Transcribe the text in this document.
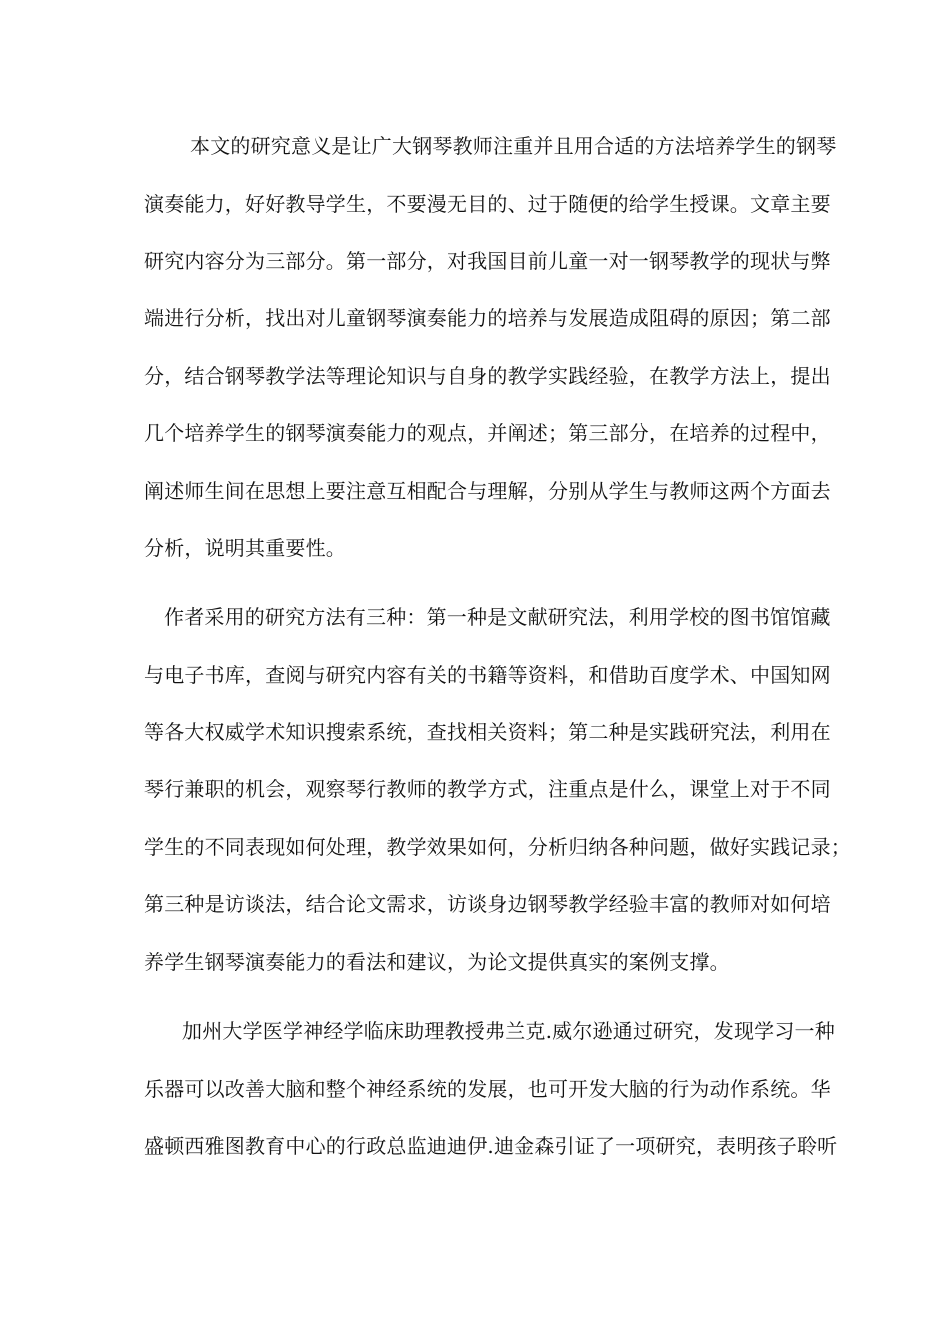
本文的研究意义是让广大钢琴教师注重并且用合适的方法培养学生的钢琴
演奏能力，好好教导学生，不要漫无目的、过于随便的给学生授课。文章主要
研究内容分为三部分。第一部分，对我国目前儿童一对一钢琴教学的现状与弊
端进行分析，找出对儿童钢琴演奏能力的培养与发展造成阻碍的原因；第二部
分，结合钢琴教学法等理论知识与自身的教学实践经验，在教学方法上，提出
几个培养学生的钢琴演奏能力的观点，并阐述；第三部分，在培养的过程中，
阐述师生间在思想上要注意互相配合与理解，分别从学生与教师这两个方面去
分析，说明其重要性。
作者采用的研究方法有三种：第一种是文献研究法，利用学校的图书馆馆藏
与电子书库，查阅与研究内容有关的书籍等资料，和借助百度学术、中国知网
等各大权威学术知识搜索系统，查找相关资料；第二种是实践研究法，利用在
琴行兼职的机会，观察琴行教师的教学方式，注重点是什么，课堂上对于不同
学生的不同表现如何处理，教学效果如何，分析归纳各种问题，做好实践记录；
第三种是访谈法，结合论文需求，访谈身边钢琴教学经验丰富的教师对如何培
养学生钢琴演奏能力的看法和建议，为论文提供真实的案例支撑。
加州大学医学神经学临床助理教授弗兰克.威尔逊通过研究，发现学习一种
乐器可以改善大脑和整个神经系统的发展，也可开发大脑的行为动作系统。华
盛顿西雅图教育中心的行政总监迪迪伊.迪金森引证了一项研究，表明孩子聆听
